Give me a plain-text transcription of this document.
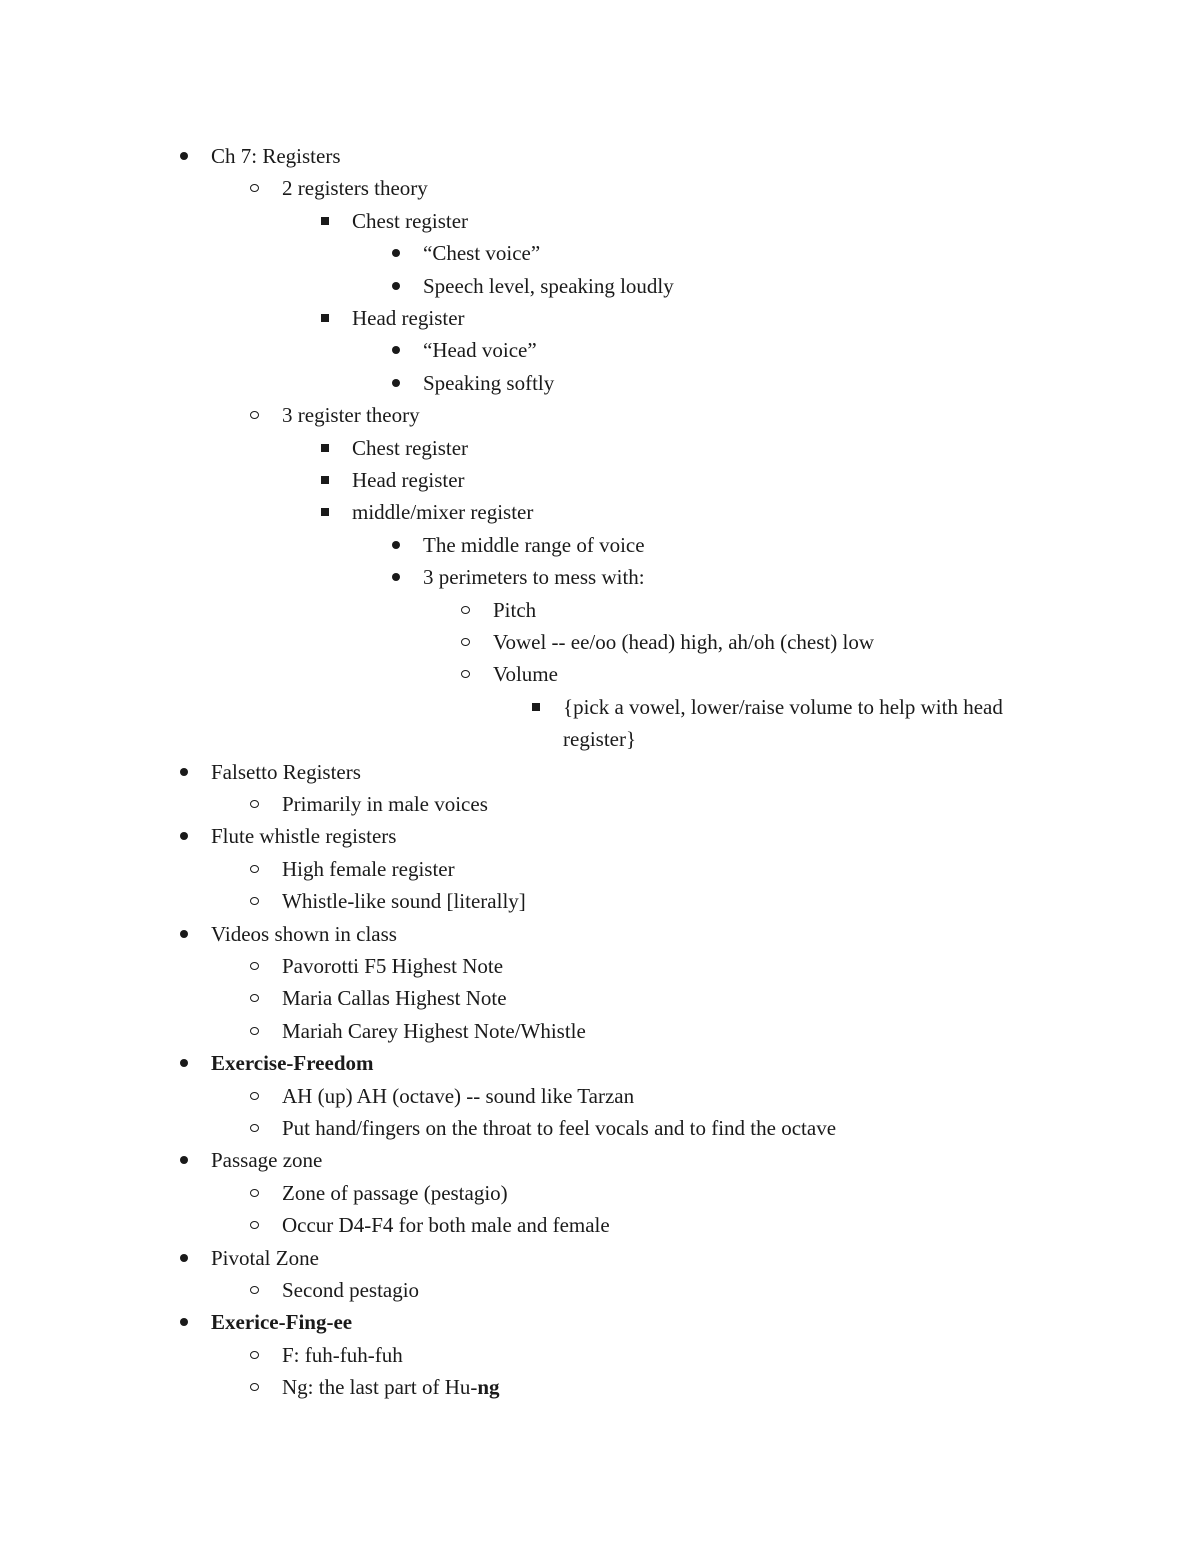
Ch 7: Registers
2 registers theory
Chest register
“Chest voice”
Speech level, speaking loudly
Head register
“Head voice”
Speaking softly
3 register theory
Chest register
Head register
middle/mixer register
The middle range of voice
3 perimeters to mess with:
Pitch
Vowel -- ee/oo (head) high, ah/oh (chest) low
Volume
{pick a vowel, lower/raise volume to help with head register}
Falsetto Registers
Primarily in male voices
Flute whistle registers
High female register
Whistle-like sound [literally]
Videos shown in class
Pavorotti F5 Highest Note
Maria Callas Highest Note
Mariah Carey Highest Note/Whistle
Exercise-Freedom
AH (up) AH (octave) -- sound like Tarzan
Put hand/fingers on the throat to feel vocals and to find the octave
Passage zone
Zone of passage (pestagio)
Occur D4-F4 for both male and female
Pivotal Zone
Second pestagio
Exerice-Fing-ee
F: fuh-fuh-fuh
Ng: the last part of Hu-ng
